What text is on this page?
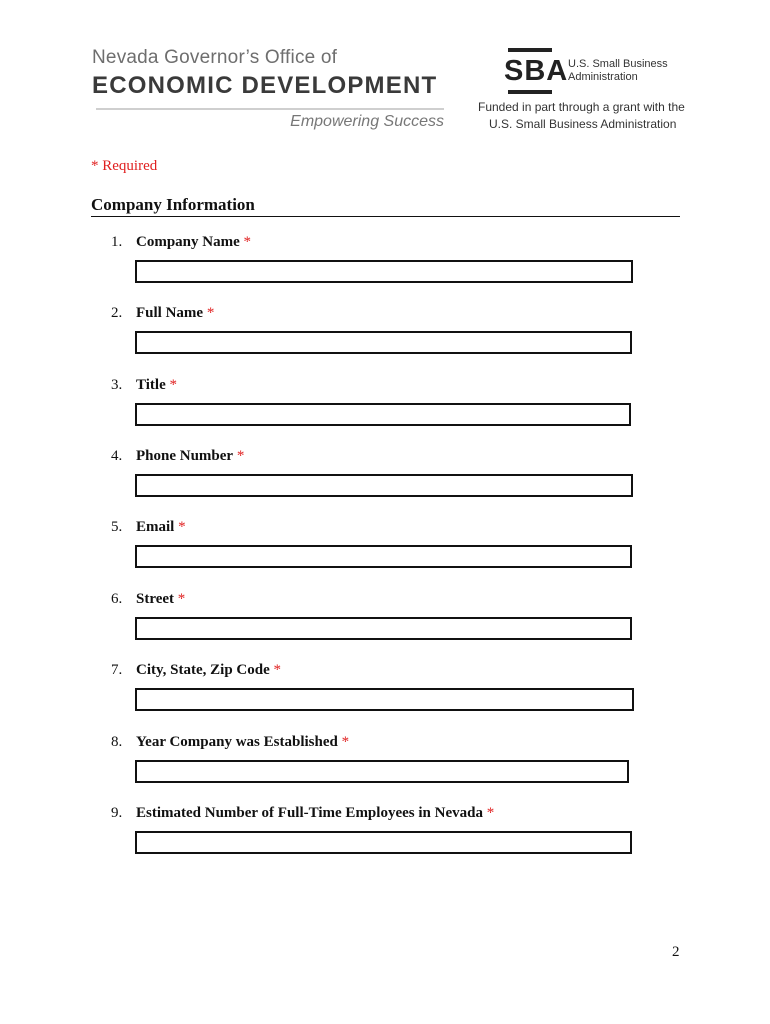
Nevada Governor’s Office of
ECONOMIC DEVELOPMENT
Empowering Success
SBA U.S. Small Business
Administration
Funded in part through a grant with the
U.S. Small Business Administration
* Required
Company Information
1. Company Name *
2. Full Name *
3. Title *
4. Phone Number *
5. Email *
6. Street *
7. City, State, Zip Code *
8. Year Company was Established *
9. Estimated Number of Full-Time Employees in Nevada *
2
